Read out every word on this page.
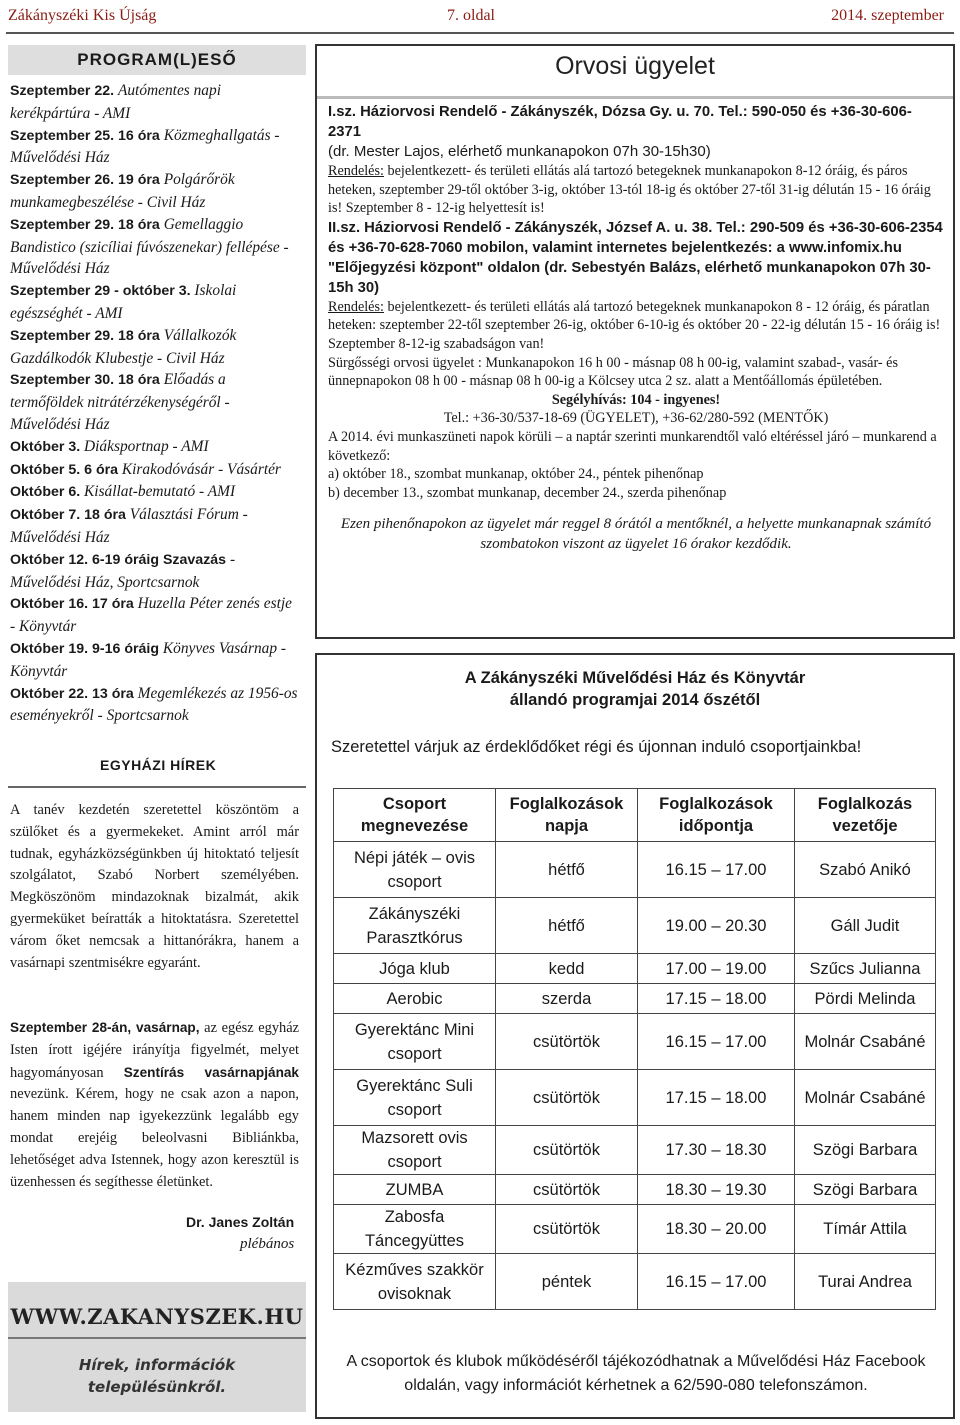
Zákányszéki Kis Újság	7. oldal	2014. szeptember
PROGRAM(L)ESŐ
Szeptember 22. Autómentes napi kerékpártúra - AMI
Szeptember 25. 16 óra Közmeghallgatás - Művelődési Ház
Szeptember 26. 19 óra Polgárőrök munkamegbeszélése - Civil Ház
Szeptember 29. 18 óra Gemellaggio Bandistico (szicíliai fúvószenekar) fellépése - Művelődési Ház
Szeptember 29 - október 3. Iskolai egészséghét - AMI
Szeptember 29. 18 óra Vállalkozók Gazdálkodók Klubestje - Civil Ház
Szeptember 30. 18 óra Előadás a termőföldek nitrátérzékenységéről - Művelődési Ház
Október 3. Diáksportnap - AMI
Október 5. 6 óra Kirakodóvásár - Vásártér
Október 6. Kisállat-bemutató - AMI
Október 7. 18 óra Választási Fórum - Művelődési Ház
Október 12. 6-19 óráig Szavazás - Művelődési Ház, Sportcsarnok
Október 16. 17 óra Huzella Péter zenés estje - Könyvtár
Október 19. 9-16 óráig Könyves Vasárnap - Könyvtár
Október 22. 13 óra Megemlékezés az 1956-os eseményekről - Sportcsarnok
EGYHÁZI HÍREK
A tanév kezdetén szeretettel köszöntöm a szülőket és a gyermekeket. Amint arról már tudnak, egyházközségünkben új hitoktató teljesít szolgálatot, Szabó Norbert személyében. Megköszönöm mindazoknak bizalmát, akik gyermeküket beíratták a hitoktatásra. Szeretettel várom őket nemcsak a hittanórákra, hanem a vasárnapi szentmisékre egyaránt.
Szeptember 28-án, vasárnap, az egész egyház Isten írott igéjére irányítja figyelmét, melyet hagyományosan Szentírás vasárnapjának nevezünk. Kérem, hogy ne csak azon a napon, hanem minden nap igyekezzünk legalább egy mondat erejéig beleolvasni Bibliánkba, lehetőséget adva Istennek, hogy azon keresztül is üzenhessen és segíthesse életünket.
Dr. Janes Zoltán
plébános
WWW.ZAKANYSZEK.HU
Hírek, információk
településünkről.
Orvosi ügyelet
I.sz. Háziorvosi Rendelő - Zákányszék, Dózsa Gy. u. 70. Tel.: 590-050 és +36-30-606-2371
(dr. Mester Lajos, elérhető munkanapokon 07h 30-15h30)
Rendelés: bejelentkezett- és területi ellátás alá tartozó betegeknek munkanapokon 8-12 óráig, és páros heteken, szeptember 29-től október 3-ig, október 13-tól 18-ig és október 27-től 31-ig délután 15 - 16 óráig is! Szeptember 8 - 12-ig helyettesít is!
II.sz. Háziorvosi Rendelő - Zákányszék, József A. u. 38. Tel.: 290-509 és +36-30-606-2354 és +36-70-628-7060 mobilon, valamint internetes bejelentkezés: a www.infomix.hu "Előjegyzési központ" oldalon (dr. Sebestyén Balázs, elérhető munkanapokon 07h 30-15h 30)
Rendelés: bejelentkezett- és területi ellátás alá tartozó betegeknek munkanapokon 8 - 12 óráig, és páratlan heteken: szeptember 22-től szeptember 26-ig, október 6-10-ig és október 20 - 22-ig délután 15 - 16 óráig is! Szeptember 8-12-ig szabadságon van!
Sürgősségi orvosi ügyelet : Munkanapokon 16 h 00 - másnap 08 h 00-ig, valamint szabad-, vasár- és ünnepnapokon 08 h 00 - másnap 08 h 00-ig a Kölcsey utca 2 sz. alatt a Mentőállomás épületében.
Segélyhívás: 104 - ingyenes!
Tel.: +36-30/537-18-69 (ÜGYELET), +36-62/280-592 (MENTŐK)
A 2014. évi munkaszüneti napok körüli – a naptár szerinti munkarendtől való eltéréssel járó – munkarend a következő:
a) október 18., szombat munkanap, október 24., péntek pihenőnap
b) december 13., szombat munkanap, december 24., szerda pihenőnap
Ezen pihenőnapokon az ügyelet már reggel 8 órától a mentőknél, a helyette munkanapnak számító szombatokon viszont az ügyelet 16 órakor kezdődik.
A Zákányszéki Művelődési Ház és Könyvtár
állandó programjai 2014 őszétől
Szeretettel várjuk az érdeklődőket régi és újonnan induló csoportjainkba!
Csoport megnevezése	Foglalkozások napja	Foglalkozások időpontja	Foglalkozás vezetője
Népi játék – ovis csoport	hétfő	16.15 – 17.00	Szabó Anikó
Zákányszéki Parasztkórus	hétfő	19.00 – 20.30	Gáll Judit
Jóga klub	kedd	17.00 – 19.00	Szűcs Julianna
Aerobic	szerda	17.15 – 18.00	Pördi Melinda
Gyerektánc Mini csoport	csütörtök	16.15 – 17.00	Molnár Csabáné
Gyerektánc Suli csoport	csütörtök	17.15 – 18.00	Molnár Csabáné
Mazsorett ovis csoport	csütörtök	17.30 – 18.30	Szögi Barbara
ZUMBA	csütörtök	18.30 – 19.30	Szögi Barbara
Zabosfa Táncegyüttes	csütörtök	18.30 – 20.00	Tímár Attila
Kézműves szakkör ovisoknak	péntek	16.15 – 17.00	Turai Andrea
A csoportok és klubok működéséről tájékozódhatnak a Művelődési Ház Facebook oldalán, vagy információt kérhetnek a 62/590-080 telefonszámon.
